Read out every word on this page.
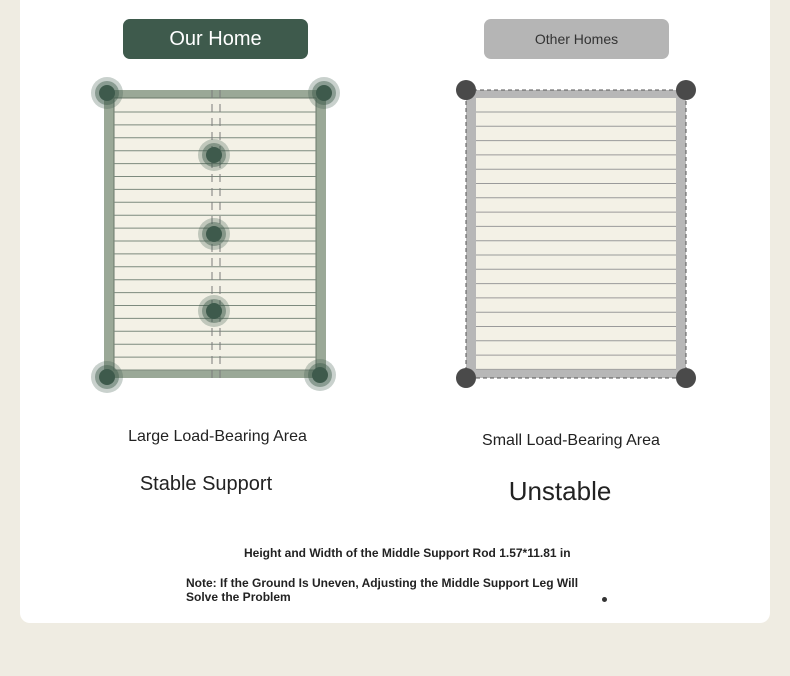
Our Home	Other Homes
Large Load-Bearing Area
Stable Support
Small Load-Bearing Area
Unstable
Height and Width of the Middle Support Rod 1.57*11.81 in
Note: If the Ground Is Uneven, Adjusting the Middle Support Leg Will Solve the Problem
